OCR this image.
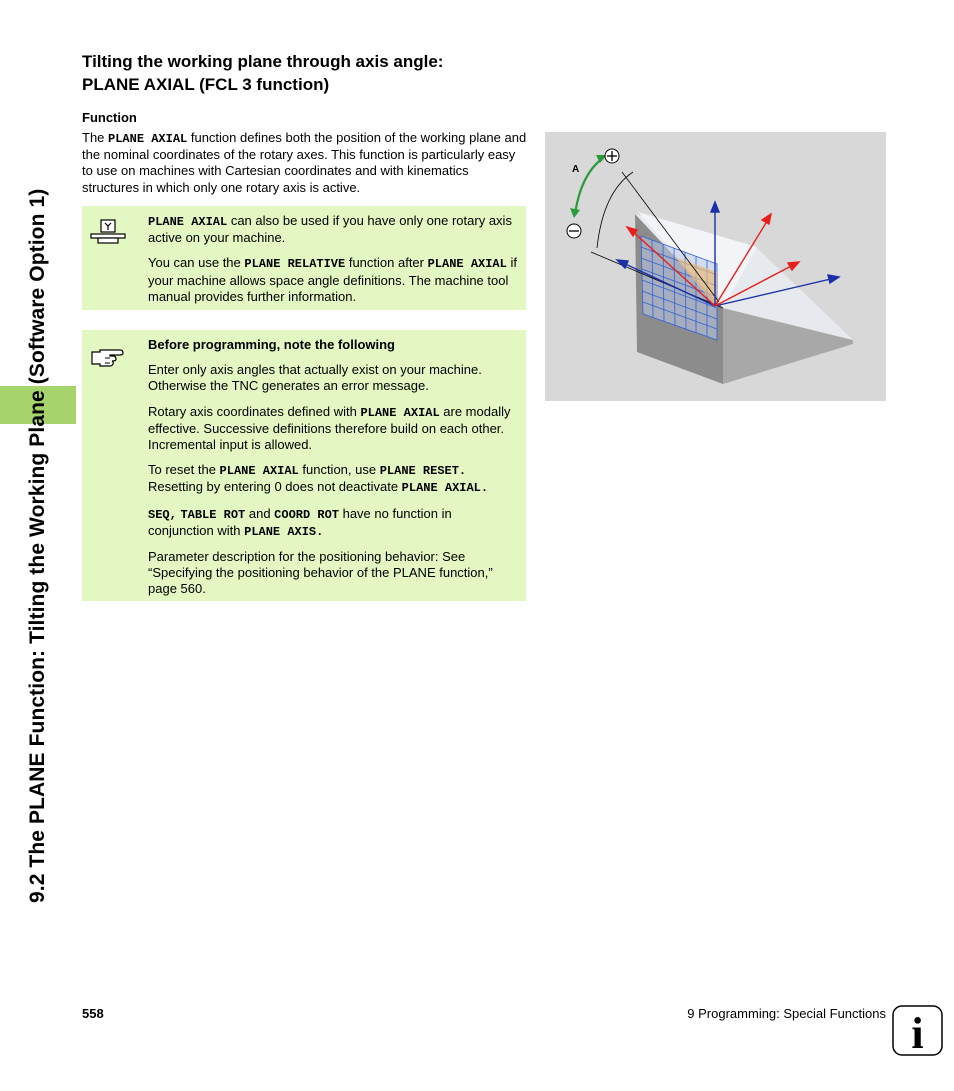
9.2 The PLANE Function: Tilting the Working Plane (Software Option 1)
Tilting the working plane through axis angle:
PLANE AXIAL (FCL 3 function)
Function
The PLANE AXIAL function defines both the position of the working plane and the nominal coordinates of the rotary axes. This function is particularly easy to use on machines with Cartesian coordinates and with kinematics structures in which only one rotary axis is active.

PLANE AXIAL can also be used if you have only one rotary axis active on your machine.

You can use the PLANE RELATIVE function after PLANE AXIAL if your machine allows space angle definitions. The machine tool manual provides further information.

Before programming, note the following

Enter only axis angles that actually exist on your machine. Otherwise the TNC generates an error message.

Rotary axis coordinates defined with PLANE AXIAL are modally effective. Successive definitions therefore build on each other. Incremental input is allowed.

To reset the PLANE AXIAL function, use PLANE RESET. Resetting by entering 0 does not deactivate PLANE AXIAL.

SEQ, TABLE ROT and COORD ROT have no function in conjunction with PLANE AXIS.

Parameter description for the positioning behavior: See “Specifying the positioning behavior of the PLANE function,” page 560.

A
558	9 Programming: Special Functions i
